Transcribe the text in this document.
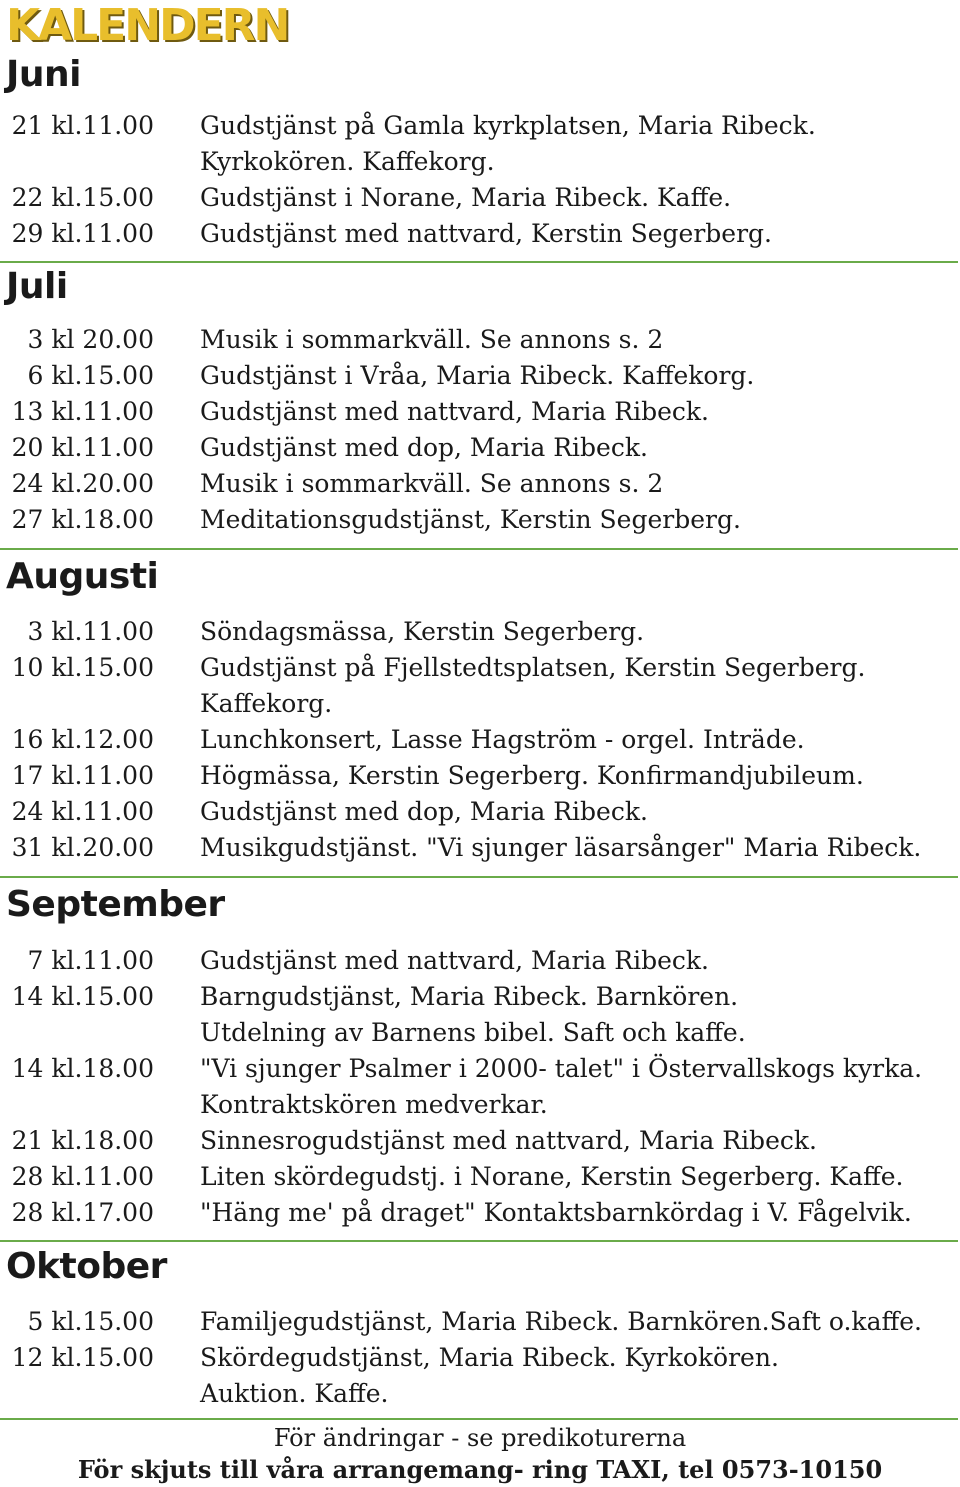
KALENDERN
Juni
21 kl.11.00 Gudstjänst på Gamla kyrkplatsen, Maria Ribeck.
Kyrkokören. Kaffekorg.
22 kl.15.00 Gudstjänst i Norane, Maria Ribeck. Kaffe.
29 kl.11.00 Gudstjänst med nattvard, Kerstin Segerberg.
Juli
3 kl 20.00 Musik i sommarkväll. Se annons s. 2
6 kl.15.00 Gudstjänst i Vråa, Maria Ribeck. Kaffekorg.
13 kl.11.00 Gudstjänst med nattvard, Maria Ribeck.
20 kl.11.00 Gudstjänst med dop, Maria Ribeck.
24 kl.20.00 Musik i sommarkväll. Se annons s. 2
27 kl.18.00 Meditationsgudstjänst, Kerstin Segerberg.
Augusti
3 kl.11.00 Söndagsmässa, Kerstin Segerberg.
10 kl.15.00 Gudstjänst på Fjellstedtsplatsen, Kerstin Segerberg.
Kaffekorg.
16 kl.12.00 Lunchkonsert, Lasse Hagström - orgel. Inträde.
17 kl.11.00 Högmässa, Kerstin Segerberg. Konfirmandjubileum.
24 kl.11.00 Gudstjänst med dop, Maria Ribeck.
31 kl.20.00 Musikgudstjänst. "Vi sjunger läsarsånger" Maria Ribeck.
September
7 kl.11.00 Gudstjänst med nattvard, Maria Ribeck.
14 kl.15.00 Barngudstjänst, Maria Ribeck. Barnkören.
Utdelning av Barnens bibel. Saft och kaffe.
14 kl.18.00 "Vi sjunger Psalmer i 2000- talet" i Östervallskogs kyrka.
Kontraktskören medverkar.
21 kl.18.00 Sinnesrogudstjänst med nattvard, Maria Ribeck.
28 kl.11.00 Liten skördegudstj. i Norane, Kerstin Segerberg. Kaffe.
28 kl.17.00 "Häng me' på draget" Kontaktsbarnkördag i V. Fågelvik.
Oktober
5 kl.15.00 Familjegudstjänst, Maria Ribeck. Barnkören.Saft o.kaffe.
12 kl.15.00 Skördegudstjänst, Maria Ribeck. Kyrkokören.
Auktion. Kaffe.
För ändringar - se predikoturerna
För skjuts till våra arrangemang- ring TAXI, tel 0573-10150
